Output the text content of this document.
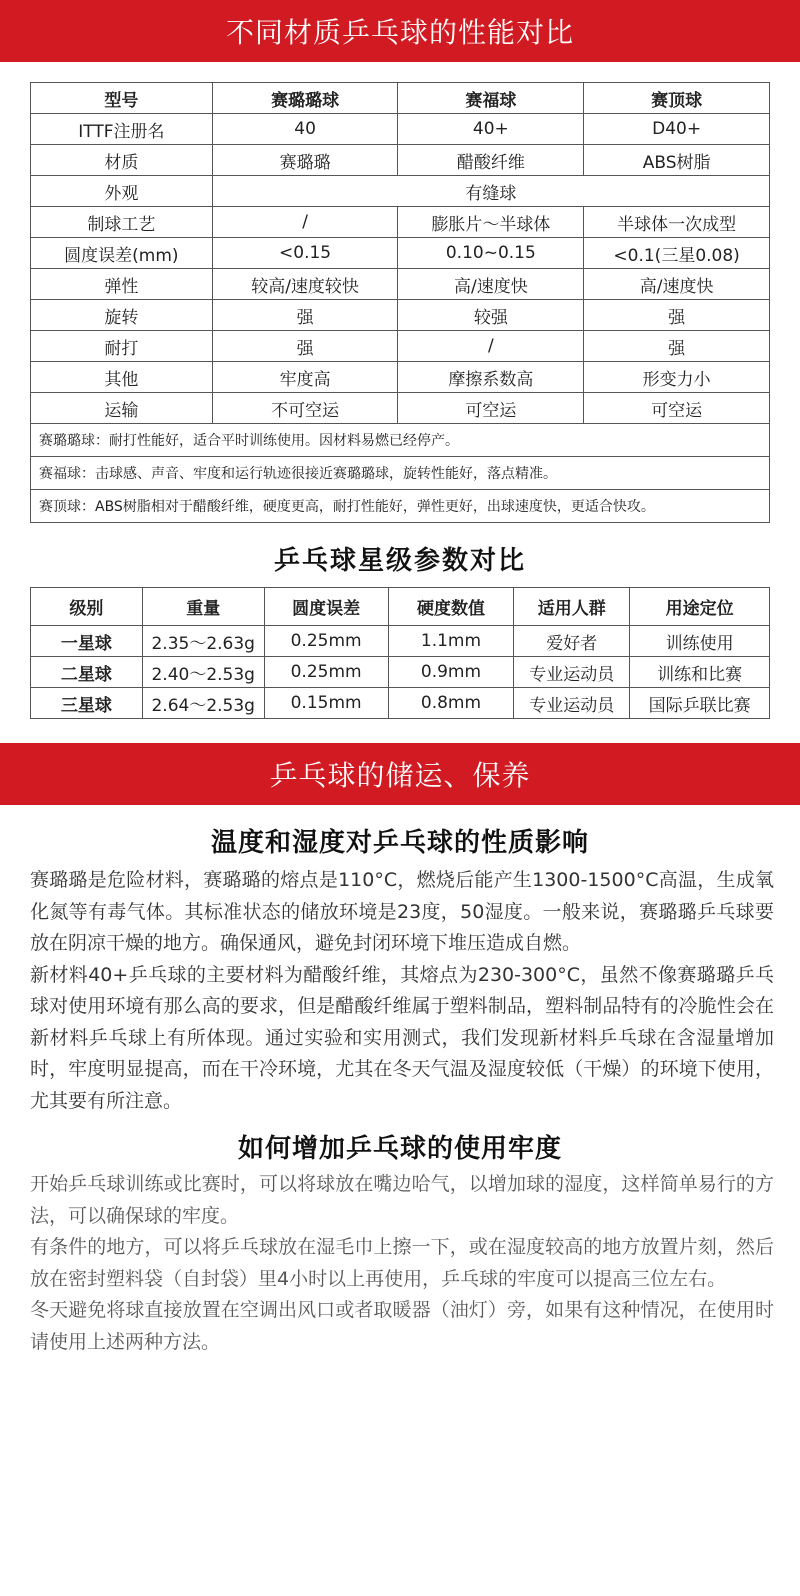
不同材质乒乓球的性能对比
型号	赛璐璐球	赛福球	赛顶球
ITTF注册名	40	40+	D40+
材质	赛璐璐	醋酸纤维	ABS树脂
外观	有缝球		
制球工艺	/	膨胀片～半球体	半球体一次成型
圆度误差(mm)	<0.15	0.10~0.15	<0.1(三星0.08)
弹性	较高/速度较快	高/速度快	高/速度快
旋转	强	较强	强
耐打	强	/	强
其他	牢度高	摩擦系数高	形变力小
运输	不可空运	可空运	可空运
赛璐璐球：耐打性能好，适合平时训练使用。因材料易燃已经停产。			
赛福球：击球感、声音、牢度和运行轨迹很接近赛璐璐球，旋转性能好，落点精准。			
赛顶球：ABS树脂相对于醋酸纤维，硬度更高，耐打性能好，弹性更好，出球速度快，更适合快攻。			
乒乓球星级参数对比
级别	重量	圆度误差	硬度数值	适用人群	用途定位
一星球	2.35～2.63g	0.25mm	1.1mm	爱好者	训练使用
二星球	2.40～2.53g	0.25mm	0.9mm	专业运动员	训练和比赛
三星球	2.64～2.53g	0.15mm	0.8mm	专业运动员	国际乒联比赛
乒乓球的储运、保养
温度和湿度对乒乓球的性质影响

赛璐璐是危险材料，赛璐璐的熔点是110°C，燃烧后能产生1300-1500°C高温，生成氧化氮等有毒气体。其标准状态的储放环境是23度，50湿度。一般来说，赛璐璐乒乓球要放在阴凉干燥的地方。确保通风，避免封闭环境下堆压造成自燃。

新材料40+乒乓球的主要材料为醋酸纤维，其熔点为230-300°C，虽然不像赛璐璐乒乓球对使用环境有那么高的要求，但是醋酸纤维属于塑料制品，塑料制品特有的冷脆性会在新材料乒乓球上有所体现。通过实验和实用测式，我们发现新材料乒乓球在含湿量增加时，牢度明显提高，而在干冷环境，尤其在冬天气温及湿度较低（干燥）的环境下使用，尤其要有所注意。

如何增加乒乓球的使用牢度

开始乒乓球训练或比赛时，可以将球放在嘴边哈气，以增加球的湿度，这样简单易行的方法，可以确保球的牢度。

有条件的地方，可以将乒乓球放在湿毛巾上擦一下，或在湿度较高的地方放置片刻，然后放在密封塑料袋（自封袋）里4小时以上再使用，乒乓球的牢度可以提高三位左右。

冬天避免将球直接放置在空调出风口或者取暖器（油灯）旁，如果有这种情况，在使用时请使用上述两种方法。
